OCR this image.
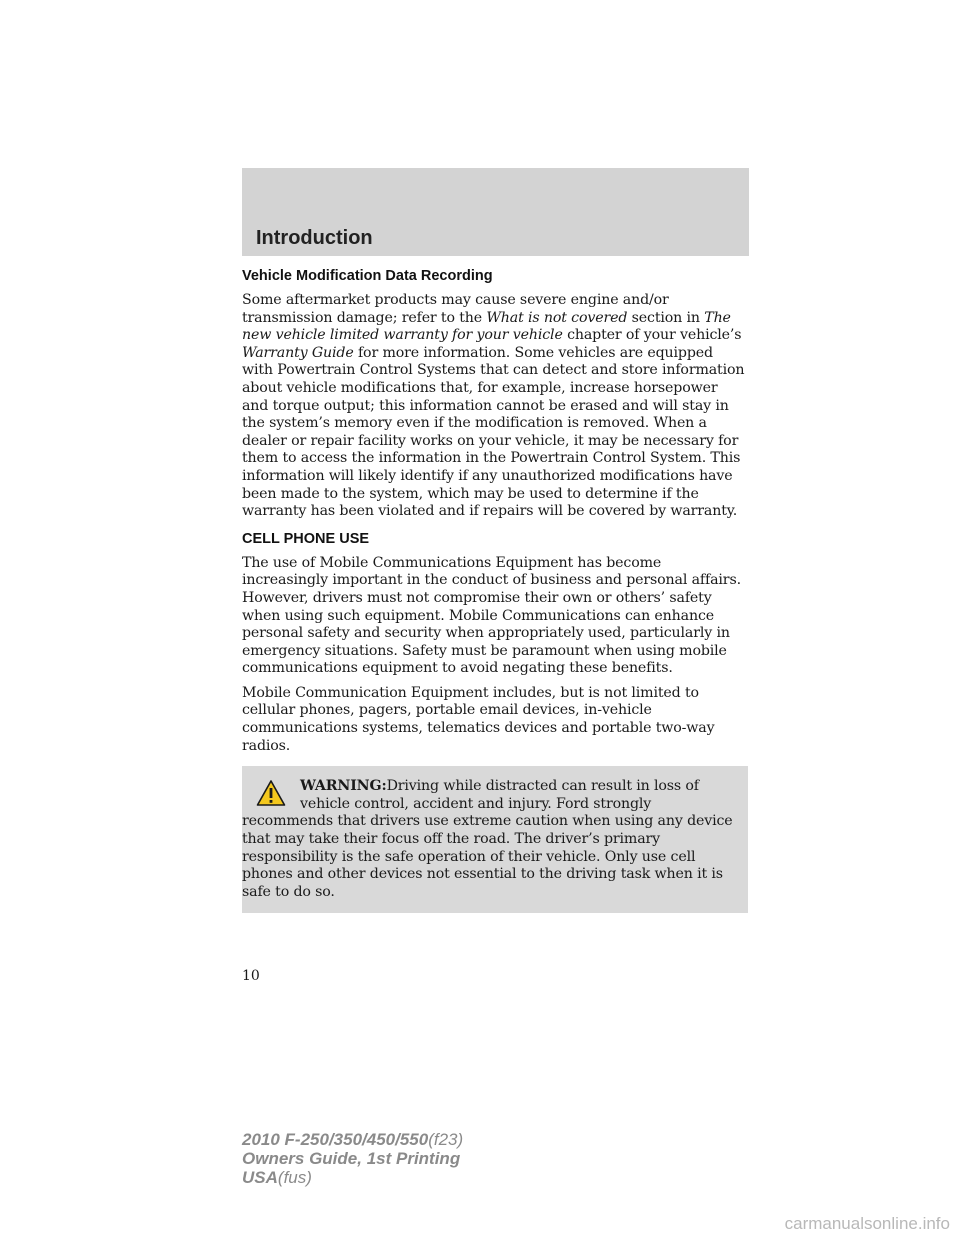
Introduction
Vehicle Modification Data Recording

Some aftermarket products may cause severe engine and/or transmission damage; refer to the What is not covered section in The new vehicle limited warranty for your vehicle chapter of your vehicle’s Warranty Guide for more information. Some vehicles are equipped with Powertrain Control Systems that can detect and store information about vehicle modifications that, for example, increase horsepower and torque output; this information cannot be erased and will stay in the system’s memory even if the modification is removed. When a dealer or repair facility works on your vehicle, it may be necessary for them to access the information in the Powertrain Control System. This information will likely identify if any unauthorized modifications have been made to the system, which may be used to determine if the warranty has been violated and if repairs will be covered by warranty.

CELL PHONE USE

The use of Mobile Communications Equipment has become increasingly important in the conduct of business and personal affairs. However, drivers must not compromise their own or others’ safety when using such equipment. Mobile Communications can enhance personal safety and security when appropriately used, particularly in emergency situations. Safety must be paramount when using mobile communications equipment to avoid negating these benefits.

Mobile Communication Equipment includes, but is not limited to cellular phones, pagers, portable email devices, in-vehicle communications systems, telematics devices and portable two-way radios.

WARNING:Driving while distracted can result in loss of vehicle control, accident and injury. Ford strongly recommends that drivers use extreme caution when using any device that may take their focus off the road. The driver’s primary responsibility is the safe operation of their vehicle. Only use cell phones and other devices not essential to the driving task when it is safe to do so.
10
2010 F-250/350/450/550(f23)
Owners Guide, 1st Printing
USA(fus)
carmanualsonline.info
